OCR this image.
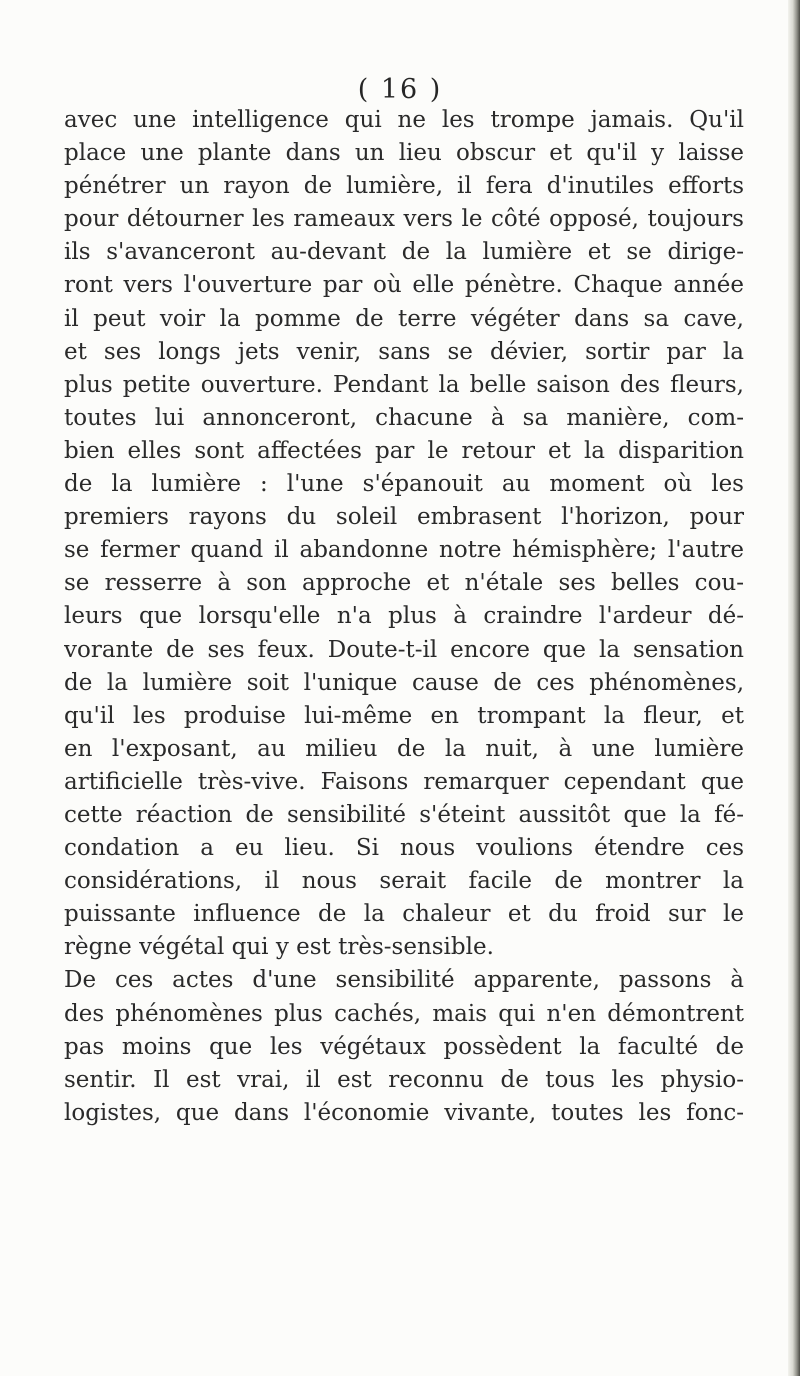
( 16 )
avec une intelligence qui ne les trompe jamais. Qu'il
place une plante dans un lieu obscur et qu'il y laisse
pénétrer un rayon de lumière, il fera d'inutiles efforts
pour détourner les rameaux vers le côté opposé, toujours
ils s'avanceront au-devant de la lumière et se dirige-
ront vers l'ouverture par où elle pénètre. Chaque année
il peut voir la pomme de terre végéter dans sa cave,
et ses longs jets venir, sans se dévier, sortir par la
plus petite ouverture. Pendant la belle saison des fleurs,
toutes lui annonceront, chacune à sa manière, com-
bien elles sont affectées par le retour et la disparition
de la lumière : l'une s'épanouit au moment où les
premiers rayons du soleil embrasent l'horizon, pour
se fermer quand il abandonne notre hémisphère; l'autre
se resserre à son approche et n'étale ses belles cou-
leurs que lorsqu'elle n'a plus à craindre l'ardeur dé-
vorante de ses feux. Doute-t-il encore que la sensation
de la lumière soit l'unique cause de ces phénomènes,
qu'il les produise lui-même en trompant la fleur, et
en l'exposant, au milieu de la nuit, à une lumière
artificielle très-vive. Faisons remarquer cependant que
cette réaction de sensibilité s'éteint aussitôt que la fé-
condation a eu lieu. Si nous voulions étendre ces
considérations, il nous serait facile de montrer la
puissante influence de la chaleur et du froid sur le
règne végétal qui y est très-sensible.
De ces actes d'une sensibilité apparente, passons à
des phénomènes plus cachés, mais qui n'en démontrent
pas moins que les végétaux possèdent la faculté de
sentir. Il est vrai, il est reconnu de tous les physio-
logistes, que dans l'économie vivante, toutes les fonc-
